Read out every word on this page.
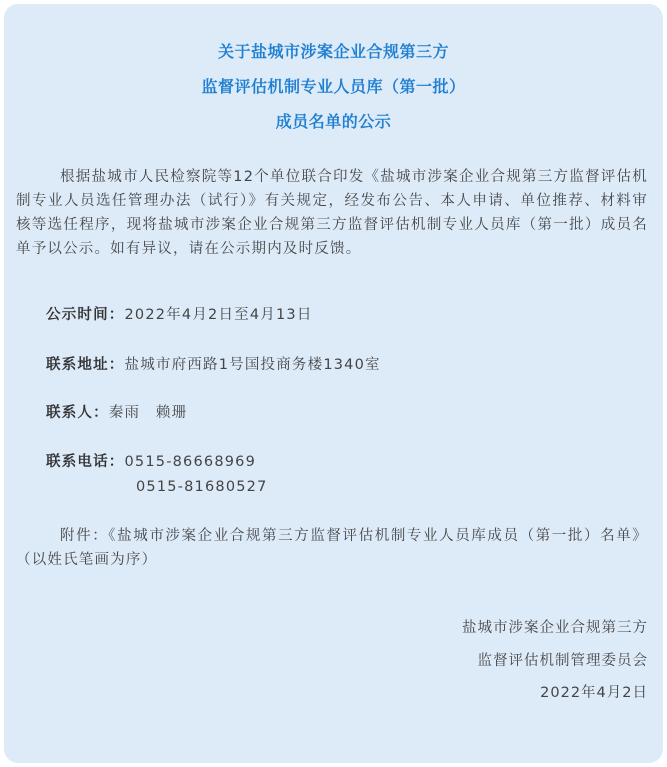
关于盐城市涉案企业合规第三方
监督评估机制专业人员库（第一批）
成员名单的公示
根据盐城市人民检察院等12个单位联合印发《盐城市涉案企业合规第三方监督评估机制专业人员选任管理办法（试行）》有关规定，经发布公告、本人申请、单位推荐、材料审核等选任程序，现将盐城市涉案企业合规第三方监督评估机制专业人员库（第一批）成员名单予以公示。如有异议，请在公示期内及时反馈。
公示时间：2022年4月2日至4月13日
联系地址：盐城市府西路1号国投商务楼1340室
联系人：秦雨　赖珊
联系电话：0515-86668969
0515-81680527
附件：《盐城市涉案企业合规第三方监督评估机制专业人员库成员（第一批）名单》（以姓氏笔画为序）
盐城市涉案企业合规第三方
监督评估机制管理委员会
2022年4月2日
